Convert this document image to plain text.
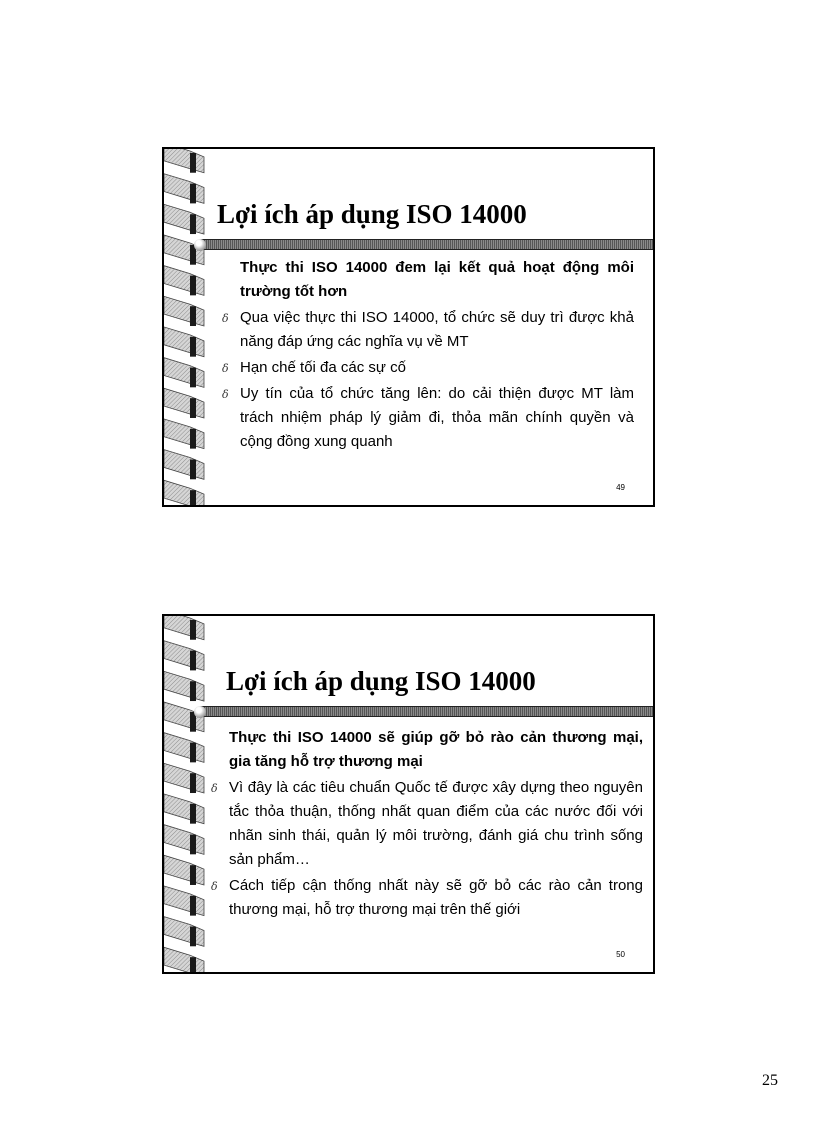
Lợi ích áp dụng ISO 14000

Thực thi ISO 14000 đem lại kết quả hoạt động môi trường tốt hơn

ẟ Qua việc thực thi ISO 14000, tổ chức sẽ duy trì được khả năng đáp ứng các nghĩa vụ về MT

ẟ Hạn chế tối đa các sự cố

ẟ Uy tín của tổ chức tăng lên: do cải thiện được MT làm trách nhiệm pháp lý giảm đi, thỏa mãn chính quyền và cộng đồng xung quanh

49
Lợi ích áp dụng ISO 14000

Thực thi ISO 14000 sẽ giúp gỡ bỏ rào cản thương mại, gia tăng hỗ trợ thương mại

ẟ Vì đây là các tiêu chuẩn Quốc tế được xây dựng theo nguyên tắc thỏa thuận, thống nhất quan điểm của các nước đối với nhãn sinh thái, quản lý môi trường, đánh giá chu trình sống sản phẩm…

ẟ Cách tiếp cận thống nhất này sẽ gỡ bỏ các rào cản trong thương mại, hỗ trợ thương mại trên thế giới

50
25
